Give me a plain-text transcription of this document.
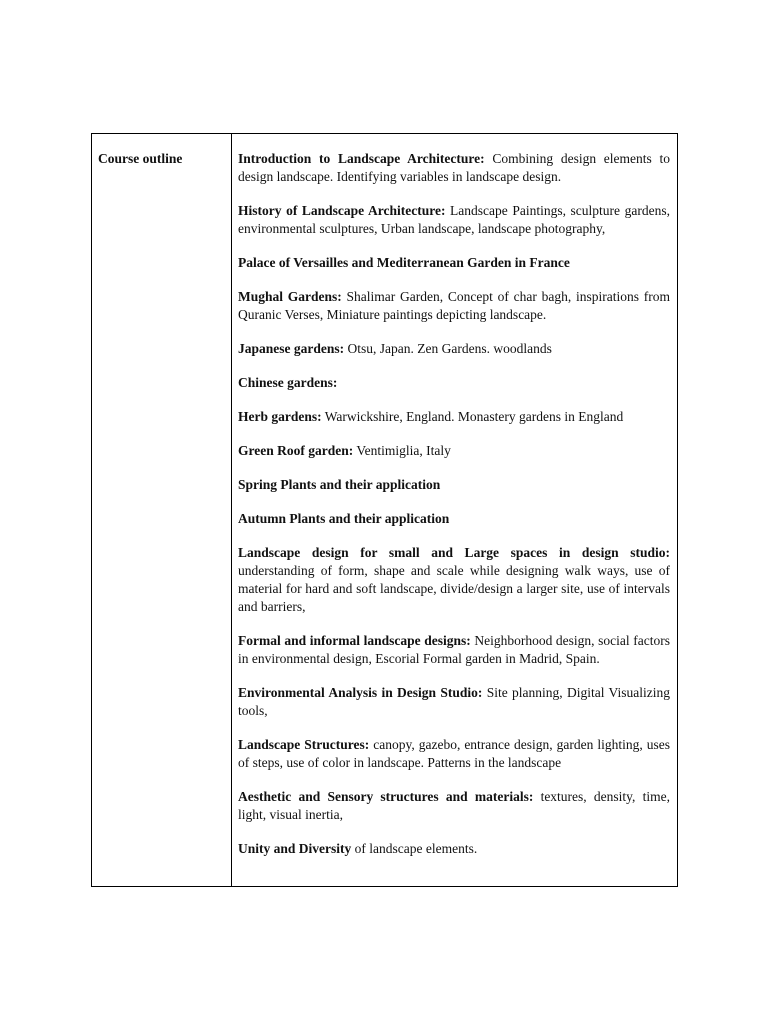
Course outline	Introduction to Landscape Architecture: Combining design elements to design landscape. Identifying variables in landscape design.

History of Landscape Architecture: Landscape Paintings, sculpture gardens, environmental sculptures, Urban landscape, landscape photography,

Palace of Versailles and Mediterranean Garden in France

Mughal Gardens: Shalimar Garden, Concept of char bagh, inspirations from Quranic Verses, Miniature paintings depicting landscape.

Japanese gardens: Otsu, Japan. Zen Gardens. woodlands

Chinese gardens:

Herb gardens: Warwickshire, England. Monastery gardens in England

Green Roof garden: Ventimiglia, Italy

Spring Plants and their application

Autumn Plants and their application

Landscape design for small and Large spaces in design studio: understanding of form, shape and scale while designing walk ways, use of material for hard and soft landscape, divide/design a larger site, use of intervals and barriers,

Formal and informal landscape designs: Neighborhood design, social factors in environmental design, Escorial Formal garden in Madrid, Spain.

Environmental Analysis in Design Studio: Site planning, Digital Visualizing tools,

Landscape Structures: canopy, gazebo, entrance design, garden lighting, uses of steps, use of color in landscape. Patterns in the landscape

Aesthetic and Sensory structures and materials: textures, density, time, light, visual inertia,

Unity and Diversity of landscape elements.
